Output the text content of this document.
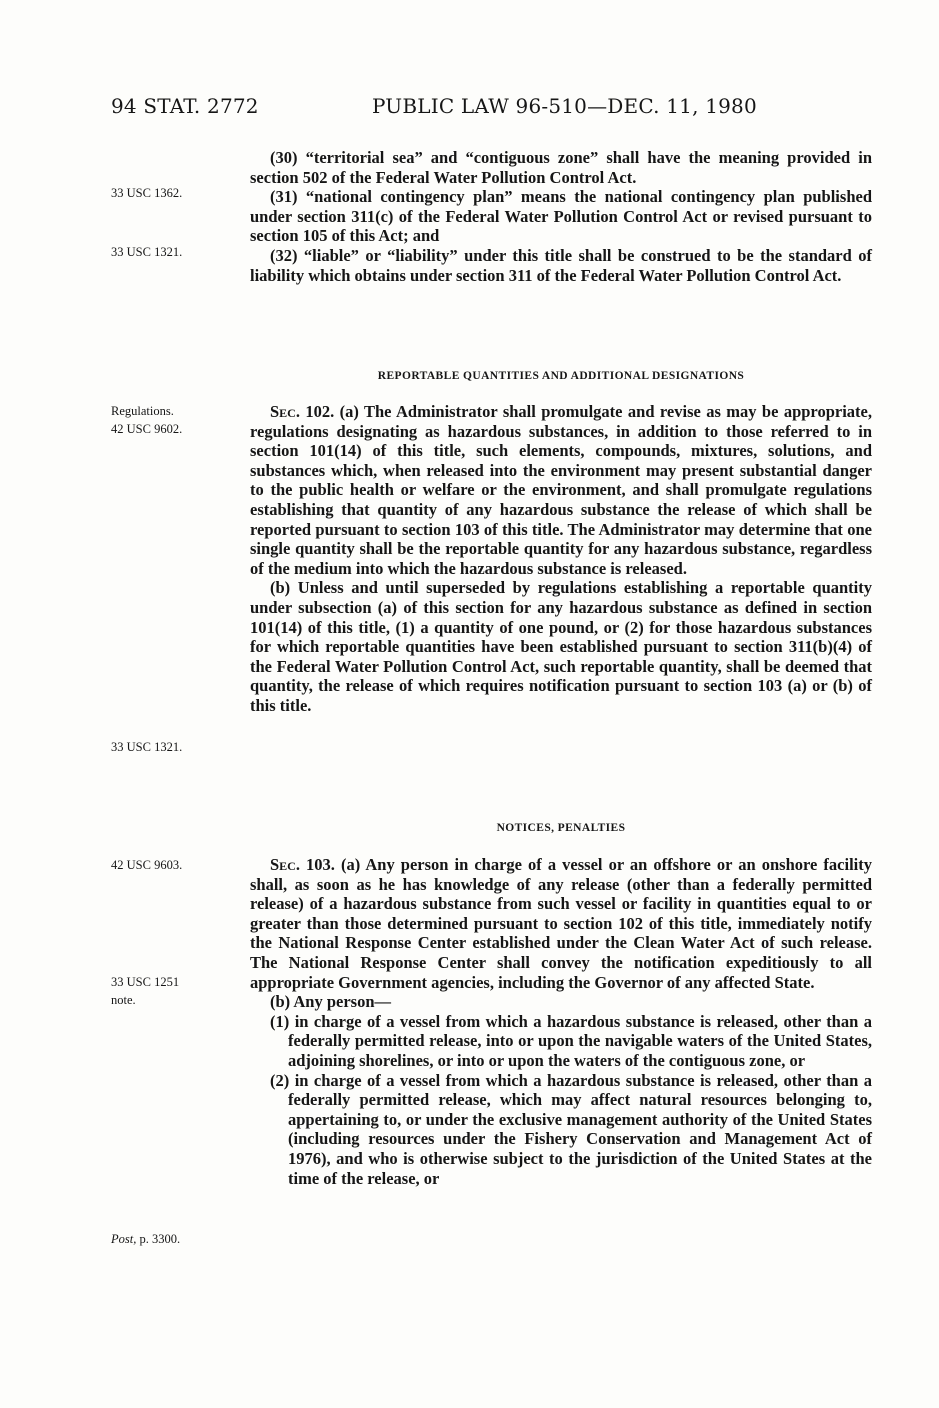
94 STAT. 2772	PUBLIC LAW 96-510—DEC. 11, 1980
33 USC 1362.
33 USC 1321.
Regulations.
42 USC 9602.
33 USC 1321.
42 USC 9603.
33 USC 1251
note.
Post, p. 3300.

(30) “territorial sea” and “contiguous zone” shall have the meaning provided in section 502 of the Federal Water Pollution Control Act.

(31) “national contingency plan” means the national contingency plan published under section 311(c) of the Federal Water Pollution Control Act or revised pursuant to section 105 of this Act; and

(32) “liable” or “liability” under this title shall be construed to be the standard of liability which obtains under section 311 of the Federal Water Pollution Control Act.

REPORTABLE QUANTITIES AND ADDITIONAL DESIGNATIONS

Sec. 102. (a) The Administrator shall promulgate and revise as may be appropriate, regulations designating as hazardous substances, in addition to those referred to in section 101(14) of this title, such elements, compounds, mixtures, solutions, and substances which, when released into the environment may present substantial danger to the public health or welfare or the environment, and shall promulgate regulations establishing that quantity of any hazardous substance the release of which shall be reported pursuant to section 103 of this title. The Administrator may determine that one single quantity shall be the reportable quantity for any hazardous substance, regardless of the medium into which the hazardous substance is released.

(b) Unless and until superseded by regulations establishing a reportable quantity under subsection (a) of this section for any hazardous substance as defined in section 101(14) of this title, (1) a quantity of one pound, or (2) for those hazardous substances for which reportable quantities have been established pursuant to section 311(b)(4) of the Federal Water Pollution Control Act, such reportable quantity, shall be deemed that quantity, the release of which requires notification pursuant to section 103 (a) or (b) of this title.

NOTICES, PENALTIES

Sec. 103. (a) Any person in charge of a vessel or an offshore or an onshore facility shall, as soon as he has knowledge of any release (other than a federally permitted release) of a hazardous substance from such vessel or facility in quantities equal to or greater than those determined pursuant to section 102 of this title, immediately notify the National Response Center established under the Clean Water Act of such release. The National Response Center shall convey the notification expeditiously to all appropriate Government agencies, including the Governor of any affected State.

(b) Any person—

(1) in charge of a vessel from which a hazardous substance is released, other than a federally permitted release, into or upon the navigable waters of the United States, adjoining shorelines, or into or upon the waters of the contiguous zone, or

(2) in charge of a vessel from which a hazardous substance is released, other than a federally permitted release, which may affect natural resources belonging to, appertaining to, or under the exclusive management authority of the United States (including resources under the Fishery Conservation and Management Act of 1976), and who is otherwise subject to the jurisdiction of the United States at the time of the release, or
